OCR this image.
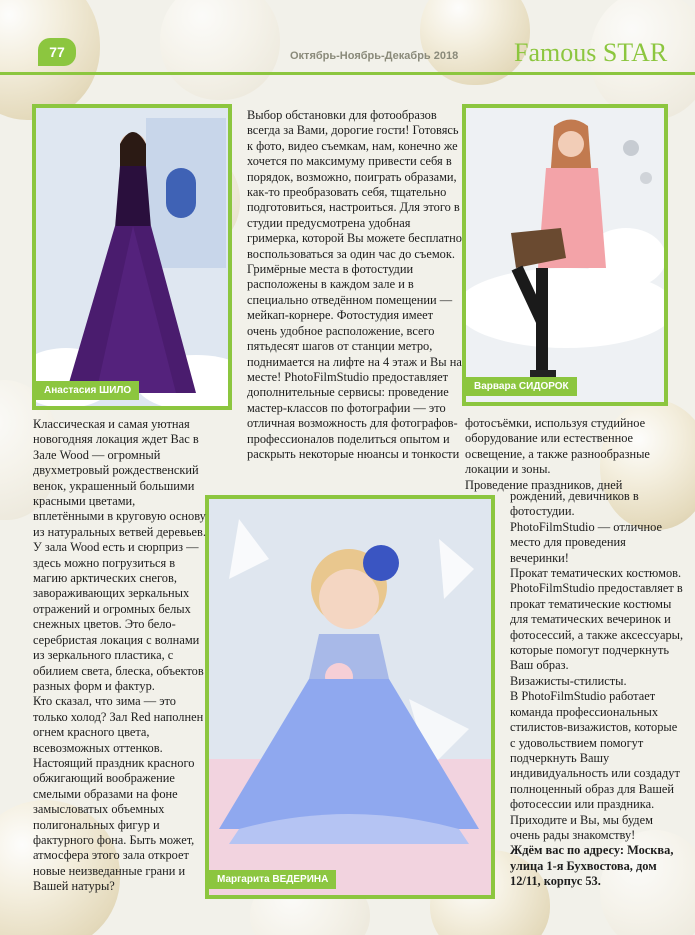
77	Октябрь-Ноябрь-Декабрь 2018 Famous STAR
Анастасия ШИЛО	Варвара СИДОРОК
Маргарита ВЕДЕРИНА

Выбор обстановки для фотообразов всегда за Вами, дорогие гости! Готовясь к фото, видео съемкам, нам, конечно же хочется по максимуму привести себя в порядок, возможно, поиграть образами, как-то преобразовать себя, тщательно подготовиться, настроиться. Для этого в студии предусмотрена удобная гримерка, которой Вы можете бесплатно воспользоваться за один час до съемок. Гримёрные места в фотостудии расположены в каждом зале и в специально отведённом помещении — мейкап-корнере. Фотостудия имеет очень удобное расположение, всего пятьдесят шагов от станции метро, поднимается на лифте на 4 этаж и Вы на месте! PhotoFilmStudio предоставляет дополнительные сервисы: проведение мастер-классов по фотографии — это отличная возможность для фотографов-профессионалов поделиться опытом и раскрыть некоторые нюансы и тонкости

фотосъёмки, используя студийное оборудование или естественное освещение, а также разнообразные локации и зоны.

Проведение праздников, дней

рождений, девичников в фотостудии.

PhotoFilmStudio — отличное место для проведения вечеринки!

Прокат тематических костюмов.

PhotoFilmStudio предоставляет в прокат тематические костюмы для тематических вечеринок и фотосессий, а также аксессуары, которые помогут подчеркнуть Ваш образ.

Визажисты-стилисты.

В PhotoFilmStudio работает команда профессиональных стилистов-визажистов, которые с удовольствием помогут подчеркнуть Вашу индивидуальность или создадут полноценный образ для Вашей фотосессии или праздника.

Приходите и Вы, мы будем очень рады знакомству!

Ждём вас по адресу: Москва, улица 1-я Бухвостова, дом 12/11, корпус 53.

Классическая и самая уютная новогодняя локация ждет Вас в Зале Wood — огромный двухметровый рождественский венок, украшенный большими красными цветами, вплетёнными в круговую основу из натуральных ветвей деревьев.

У зала Wood есть и сюрприз — здесь можно погрузиться в магию арктических снегов, завораживающих зеркальных отражений и огромных белых снежных цветов. Это бело-серебристая локация с волнами из зеркального пластика, с обилием света, блеска, объектов разных форм и фактур.

Кто сказал, что зима — это только холод? Зал Red наполнен огнем красного цвета, всевозможных оттенков. Настоящий праздник красного обжигающий воображение смелыми образами на фоне замысловатых объемных полигональных фигур и фактурного фона. Быть может, атмосфера этого зала откроет новые неизведанные грани и Вашей натуры?
